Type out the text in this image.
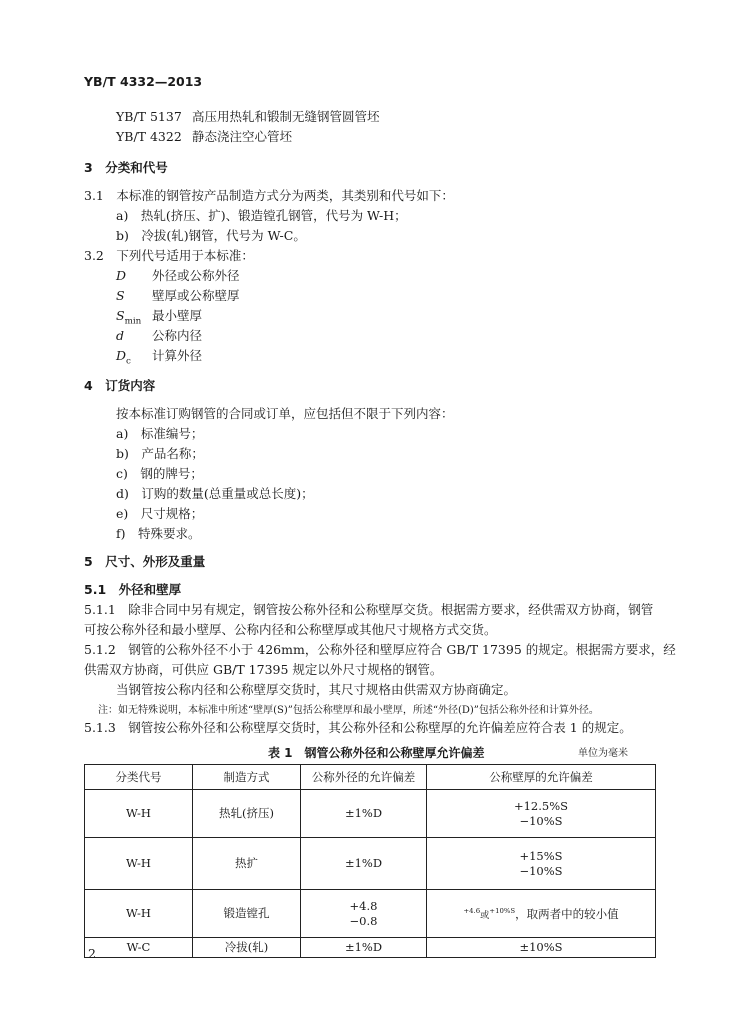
YB/T 4332—2013
YB/T 5137 高压用热轧和锻制无缝钢管圆管坯
YB/T 4322 静态浇注空心管坯
3　分类和代号
3.1　本标准的钢管按产品制造方式分为两类，其类别和代号如下：
a)　热轧(挤压、扩)、锻造镗孔钢管，代号为 W-H；
b)　冷拔(轧)钢管，代号为 W-C。
3.2　下列代号适用于本标准：
D 外径或公称外径
S 壁厚或公称壁厚
$S_{min}$ 最小壁厚
d 公称内径
$D_c$ 计算外径
4　订货内容
按本标准订购钢管的合同或订单，应包括但不限于下列内容：
a)　标准编号；
b)　产品名称；
c)　钢的牌号；
d)　订购的数量(总重量或总长度)；
e)　尺寸规格；
f)　特殊要求。
5　尺寸、外形及重量
5.1　外径和壁厚
5.1.1　除非合同中另有规定，钢管按公称外径和公称壁厚交货。根据需方要求，经供需双方协商，钢管
可按公称外径和最小壁厚、公称内径和公称壁厚或其他尺寸规格方式交货。
5.1.2　钢管的公称外径不小于 426mm，公称外径和壁厚应符合 GB/T 17395 的规定。根据需方要求，经
供需双方协商，可供应 GB/T 17395 规定以外尺寸规格的钢管。
当钢管按公称内径和公称壁厚交货时，其尺寸规格由供需双方协商确定。
注：如无特殊说明，本标准中所述“壁厚(S)”包括公称壁厚和最小壁厚，所述“外径(D)”包括公称外径和计算外径。
5.1.3　钢管按公称外径和公称壁厚交货时，其公称外径和公称壁厚的允许偏差应符合表 1 的规定。
表 1　钢管公称外径和公称壁厚允许偏差	单位为毫米
分类代号	制造方式	公称外径的允许偏差	公称壁厚的允许偏差
W-H	热轧(挤压)	±1%D	+12.5%S
−10%S

W-H	热扩	±1%D	+15%S
−10%S

W-H	锻造镗孔	+4.8
−0.8	$^{+4.6}$或$^{+10\%S}$，取两者中的较小值
W-C	冷拔(轧)	±1%D	±10%S
2
